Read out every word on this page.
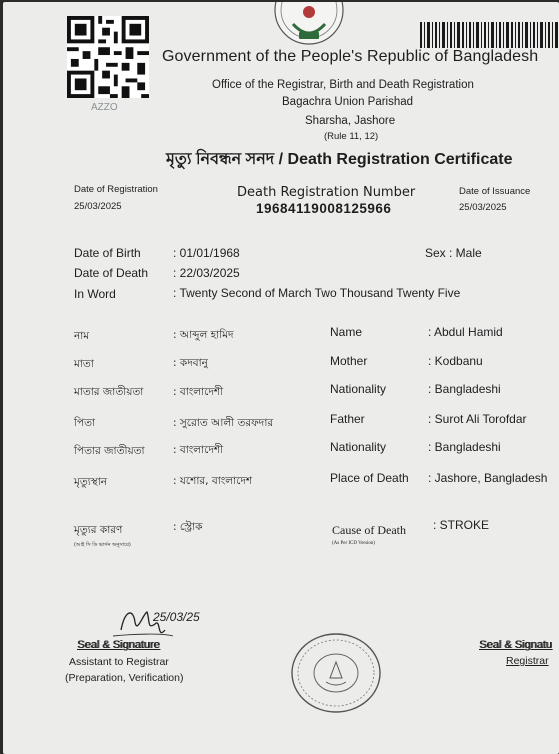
AZZO
Government of the People's Republic of Bangladesh
Office of the Registrar, Birth and Death Registration
Bagachra Union Parishad
Sharsha, Jashore
(Rule 11, 12)
মৃত্যু নিবন্ধন সনদ / Death Registration Certificate
Date of Registration
25/03/2025
Death Registration Number
19684119008125966
Date of Issuance
25/03/2025
Date of Birth	: 01/01/1968
Date of Death : 22/03/2025
In Word	: Twenty Second of March Two Thousand Twenty Five
Sex : Male
নাম	: আব্দুল হামিদ	Name	: Abdul Hamid
মাতা	: কদবানু	Mother	: Kodbanu
মাতার জাতীয়তা	: বাংলাদেশী	Nationality	: Bangladeshi
পিতা	: সুরোত আলী তরফদার	Father	: Surot Ali Torofdar
পিতার জাতীয়তা	: বাংলাদেশী	Nationality	: Bangladeshi
মৃত্যুস্থান	: যশোর, বাংলাদেশ	Place of Death : Jashore, Bangladesh
মৃত্যুর কারণ	: স্ট্রোক
(আই সি ডি ভার্সন অনুসারে)
Cause of Death : STROKE
(As Per ICD Version)
25/03/25
Seal & Signature
Assistant to Registrar
(Preparation, Verification)
Seal & Signatu
Registrar
